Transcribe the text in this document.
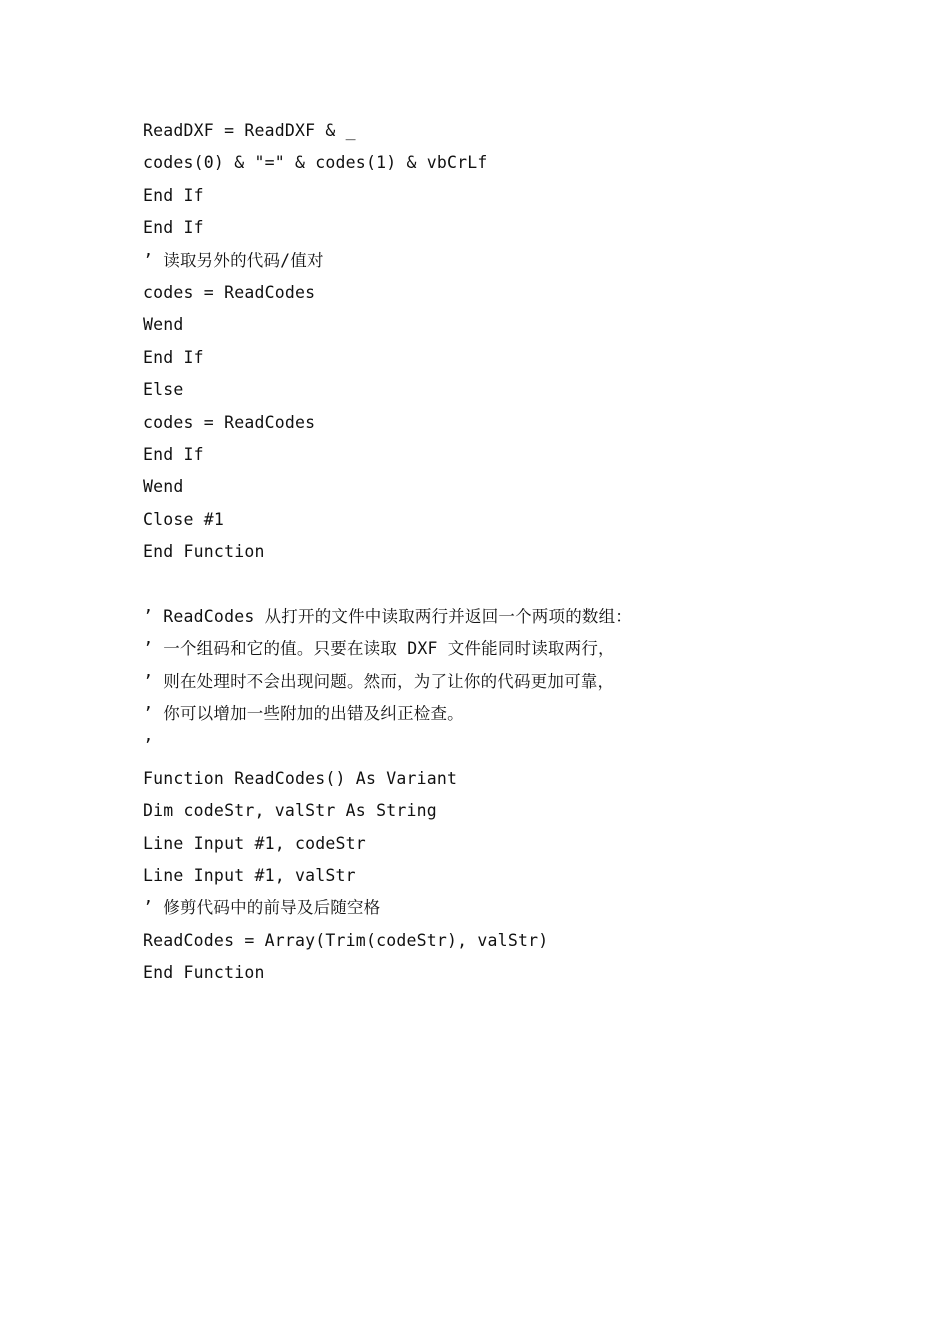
ReadDXF = ReadDXF & _
codes(0) & "=" & codes(1) & vbCrLf
End If
End If
’ 读取另外的代码/值对
codes = ReadCodes
Wend
End If
Else
codes = ReadCodes
End If
Wend
Close #1
End Function
’ ReadCodes 从打开的文件中读取两行并返回一个两项的数组：
’ 一个组码和它的值。只要在读取 DXF 文件能同时读取两行，
’ 则在处理时不会出现问题。然而，为了让你的代码更加可靠，
’ 你可以增加一些附加的出错及纠正检查。
’
Function ReadCodes() As Variant
Dim codeStr, valStr As String
Line Input #1, codeStr
Line Input #1, valStr
’ 修剪代码中的前导及后随空格
ReadCodes = Array(Trim(codeStr), valStr)
End Function
